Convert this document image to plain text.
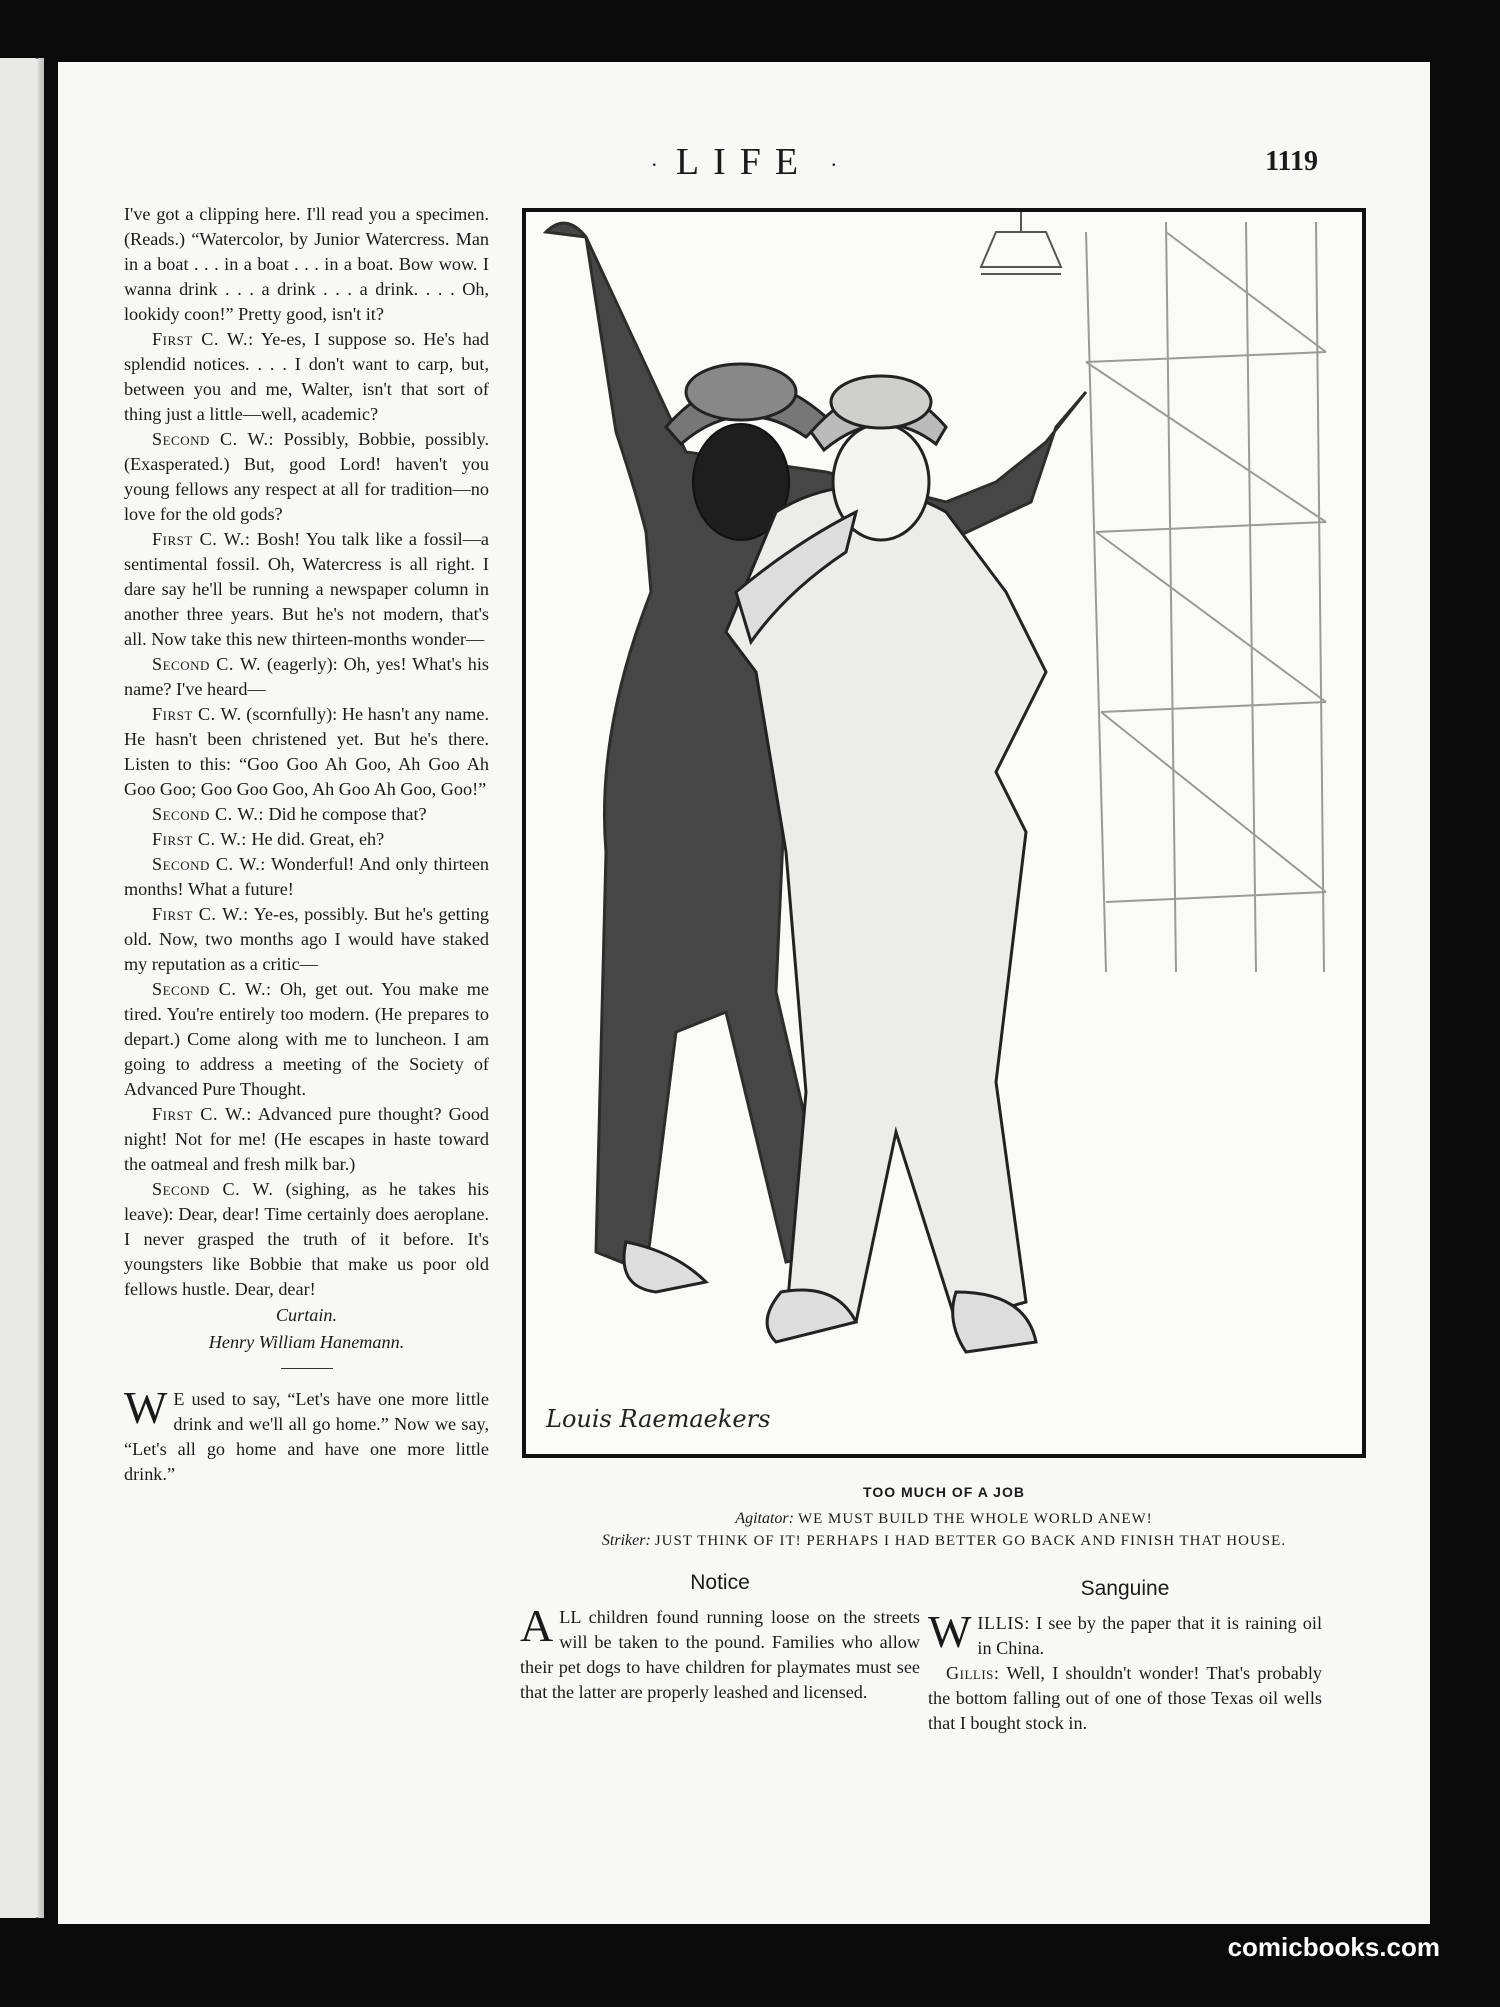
· LIFE ·	1119

I've got a clipping here. I'll read you a specimen. (Reads.) “Watercolor, by Junior Watercress. Man in a boat . . . in a boat . . . in a boat. Bow wow. I wanna drink . . . a drink . . . a drink. . . . Oh, lookidy coon!” Pretty good, isn't it?

First C. W.: Ye-es, I suppose so. He's had splendid notices. . . . I don't want to carp, but, between you and me, Walter, isn't that sort of thing just a little—well, academic?

Second C. W.: Possibly, Bobbie, possibly. (Exasperated.) But, good Lord! haven't you young fellows any respect at all for tradition—no love for the old gods?

First C. W.: Bosh! You talk like a fossil—a sentimental fossil. Oh, Watercress is all right. I dare say he'll be running a newspaper column in another three years. But he's not modern, that's all. Now take this new thirteen-months wonder—

Second C. W. (eagerly): Oh, yes! What's his name? I've heard—

First C. W. (scornfully): He hasn't any name. He hasn't been christened yet. But he's there. Listen to this: “Goo Goo Ah Goo, Ah Goo Ah Goo Goo; Goo Goo Goo, Ah Goo Ah Goo, Goo!”

Second C. W.: Did he compose that?

First C. W.: He did. Great, eh?

Second C. W.: Wonderful! And only thirteen months! What a future!

First C. W.: Ye-es, possibly. But he's getting old. Now, two months ago I would have staked my reputation as a critic—

Second C. W.: Oh, get out. You make me tired. You're entirely too modern. (He prepares to depart.) Come along with me to luncheon. I am going to address a meeting of the Society of Advanced Pure Thought.

First C. W.: Advanced pure thought? Good night! Not for me! (He escapes in haste toward the oatmeal and fresh milk bar.)

Second C. W. (sighing, as he takes his leave): Dear, dear! Time certainly does aeroplane. I never grasped the truth of it before. It's youngsters like Bobbie that make us poor old fellows hustle. Dear, dear!

Curtain.

Henry William Hanemann.

W E used to say, “Let's have one more little drink and we'll all go home.” Now we say, “Let's all go home and have one more little drink.”

Louis Raemaekers
TOO MUCH OF A JOB
Agitator: WE MUST BUILD THE WHOLE WORLD ANEW!
Striker: JUST THINK OF IT! PERHAPS I HAD BETTER GO BACK AND FINISH THAT HOUSE.
Notice

ALL children found running loose on the streets will be taken to the pound. Families who allow their pet dogs to have children for playmates must see that the latter are properly leashed and licensed.

Sanguine

WILLIS: I see by the paper that it is raining oil in China.

Gillis: Well, I shouldn't wonder! That's probably the bottom falling out of one of those Texas oil wells that I bought stock in.

comicbooks.com
